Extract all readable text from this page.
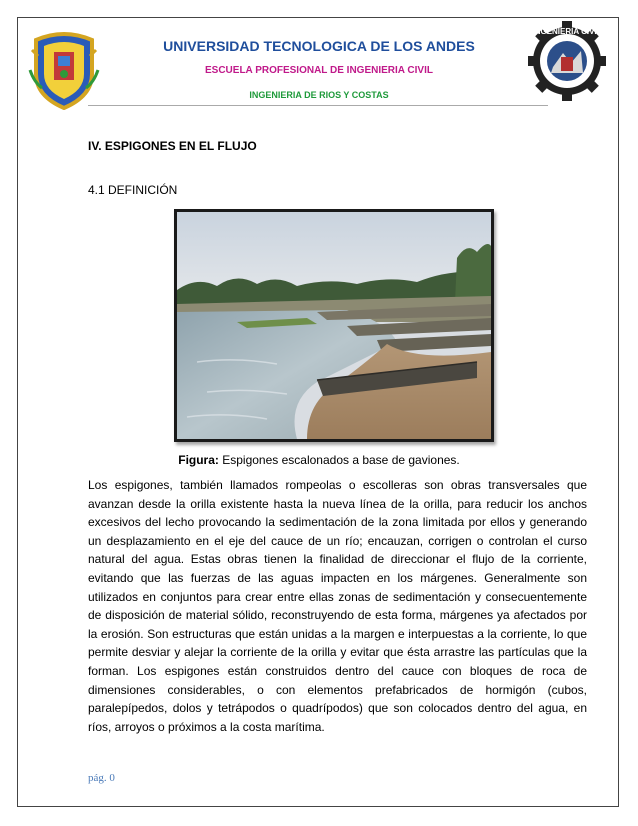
UNIVERSIDAD TECNOLOGICA DE LOS ANDES
ESCUELA PROFESIONAL DE INGENIERIA CIVIL
INGENIERIA DE RIOS Y COSTAS
INGENIERIA CIVIL
IV. ESPIGONES EN EL FLUJO
4.1 DEFINICIÓN
Figura: Espigones escalonados a base de gaviones.
Los espigones, también llamados rompeolas o escolleras son obras transversales que avanzan desde la orilla existente hasta la nueva línea de la orilla, para reducir los anchos excesivos del lecho provocando la sedimentación de la zona limitada por ellos y generando un desplazamiento en el eje del cauce de un río; encauzan, corrigen o controlan el curso natural del agua. Estas obras tienen la finalidad de direccionar el flujo de la corriente, evitando que las fuerzas de las aguas impacten en los márgenes. Generalmente son utilizados en conjuntos para crear entre ellas zonas de sedimentación y consecuentemente de disposición de material sólido, reconstruyendo de esta forma, márgenes ya afectados por la erosión. Son estructuras que están unidas a la margen e interpuestas a la corriente, lo que permite desviar y alejar la corriente de la orilla y evitar que ésta arrastre las partículas que la forman. Los espigones están construidos dentro del cauce con bloques de roca de dimensiones considerables, o con elementos prefabricados de hormigón (cubos, paralepípedos, dolos y tetrápodos o quadrípodos) que son colocados dentro del agua, en ríos, arroyos o próximos a la costa marítima.
pág. 0
